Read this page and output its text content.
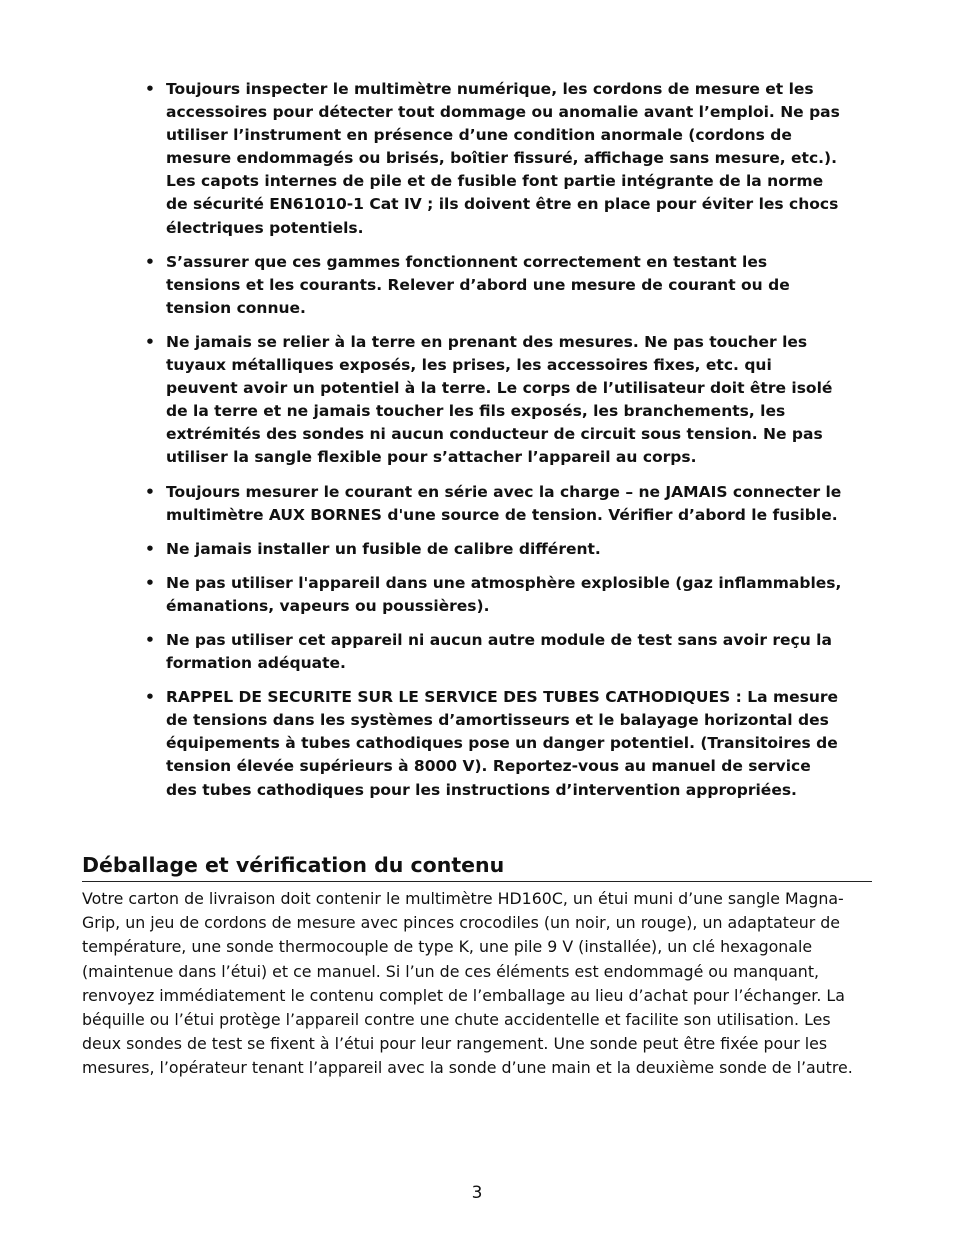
• Toujours inspecter le multimètre numérique, les cordons de mesure et les accessoires pour détecter tout dommage ou anomalie avant l’emploi. Ne pas utiliser l’instrument en présence d’une condition anormale (cordons de mesure endommagés ou brisés, boîtier fissuré, affichage sans mesure, etc.). Les capots internes de pile et de fusible font partie intégrante de la norme de sécurité EN61010-1 Cat IV ; ils doivent être en place pour éviter les chocs électriques potentiels.
• S’assurer que ces gammes fonctionnent correctement en testant les tensions et les courants. Relever d’abord une mesure de courant ou de tension connue.
• Ne jamais se relier à la terre en prenant des mesures. Ne pas toucher les tuyaux métalliques exposés, les prises, les accessoires fixes, etc. qui peuvent avoir un potentiel à la terre. Le corps de l’utilisateur doit être isolé de la terre et ne jamais toucher les fils exposés, les branchements, les extrémités des sondes ni aucun conducteur de circuit sous tension. Ne pas utiliser la sangle flexible pour s’attacher l’appareil au corps.
• Toujours mesurer le courant en série avec la charge – ne JAMAIS connecter le multimètre AUX BORNES d'une source de tension. Vérifier d’abord le fusible.
• Ne jamais installer un fusible de calibre différent.
• Ne pas utiliser l'appareil dans une atmosphère explosible (gaz inflammables, émanations, vapeurs ou poussières).
• Ne pas utiliser cet appareil ni aucun autre module de test sans avoir reçu la formation adéquate.
• RAPPEL DE SECURITE SUR LE SERVICE DES TUBES CATHODIQUES : La mesure de tensions dans les systèmes d’amortisseurs et le balayage horizontal des équipements à tubes cathodiques pose un danger potentiel. (Transitoires de tension élevée supérieurs à 8000 V). Reportez-vous au manuel de service des tubes cathodiques pour les instructions d’intervention appropriées.
Déballage et vérification du contenu

Votre carton de livraison doit contenir le multimètre HD160C, un étui muni d’une sangle Magna-Grip, un jeu de cordons de mesure avec pinces crocodiles (un noir, un rouge), un adaptateur de température, une sonde thermocouple de type K, une pile 9 V (installée), un clé hexagonale (maintenue dans l’étui) et ce manuel. Si l’un de ces éléments est endommagé ou manquant, renvoyez immédiatement le contenu complet de l’emballage au lieu d’achat pour l’échanger. La béquille ou l’étui protège l’appareil contre une chute accidentelle et facilite son utilisation. Les deux sondes de test se fixent à l’étui pour leur rangement. Une sonde peut être fixée pour les mesures, l’opérateur tenant l’appareil avec la sonde d’une main et la deuxième sonde de l’autre.

3
